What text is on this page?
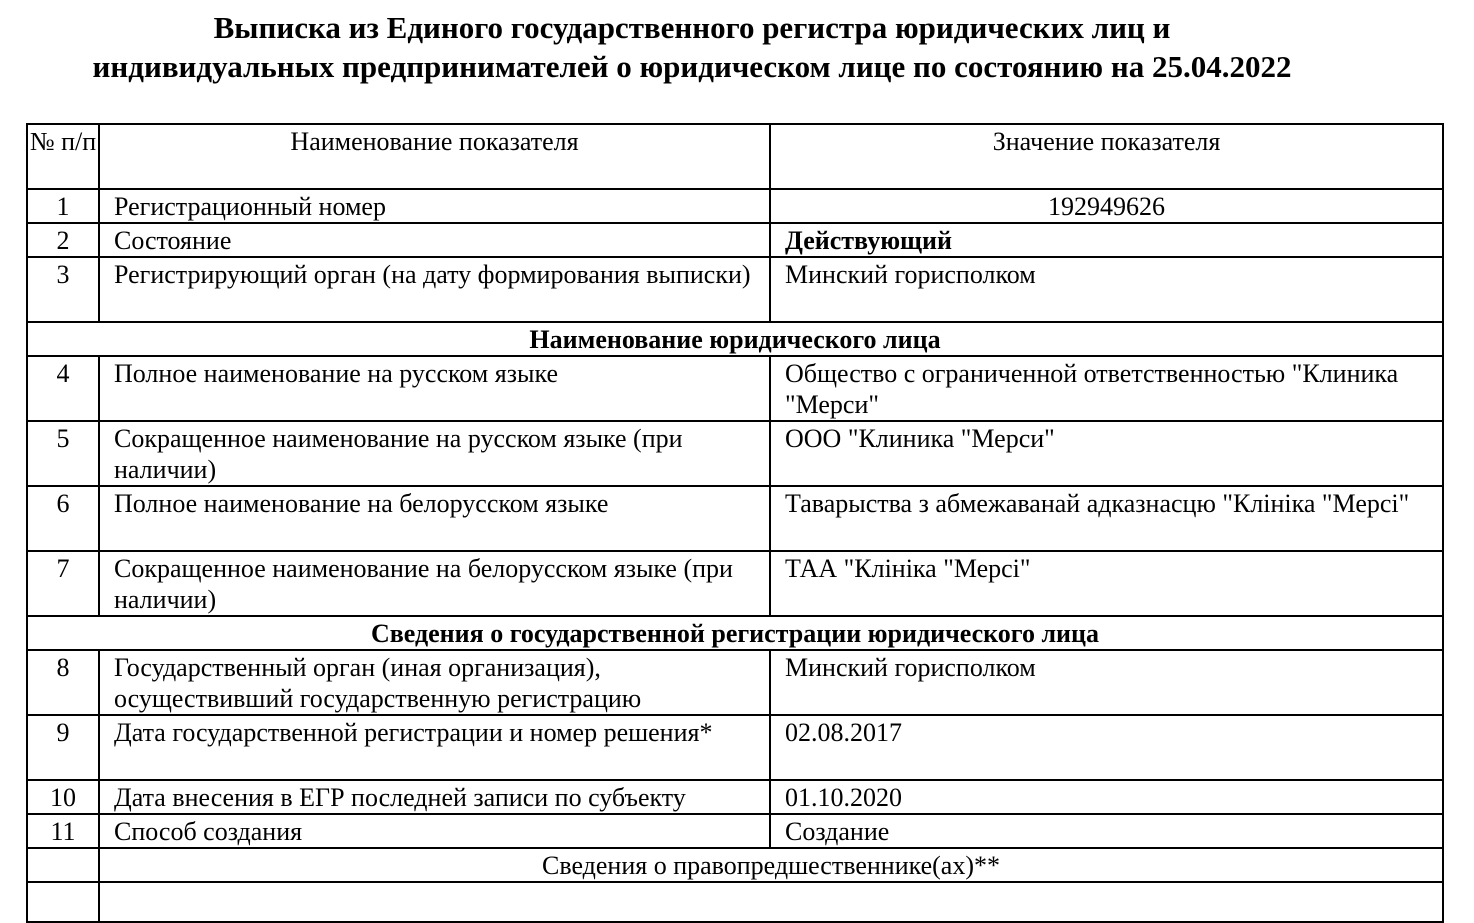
Выписка из Единого государственного регистра юридических лиц и
индивидуальных предпринимателей о юридическом лице по состоянию на 25.04.2022
№ п/п	Наименование показателя	Значение показателя
1	Регистрационный номер	192949626
2	Состояние	Действующий
3	Регистрирующий орган (на дату формирования выписки)	Минский горисполком
Наименование юридического лица		
4	Полное наименование на русском языке	Общество с ограниченной ответственностью "Клиника "Мерси"
5	Сокращенное наименование на русском языке (при наличии)	ООО "Клиника "Мерси"
6	Полное наименование на белорусском языке	Таварыства з абмежаванай адказнасцю "Клініка "Мерсі"
7	Сокращенное наименование на белорусском языке (при наличии)	ТАА "Клініка "Мерсі"
Сведения о государственной регистрации юридического лица		
8	Государственный орган (иная организация), осуществивший государственную регистрацию	Минский горисполком
9	Дата государственной регистрации и номер решения*	02.08.2017
10	Дата внесения в ЕГР последней записи по субъекту	01.10.2020
11	Способ создания	Создание
	Сведения о правопредшественнике(ах)**	
